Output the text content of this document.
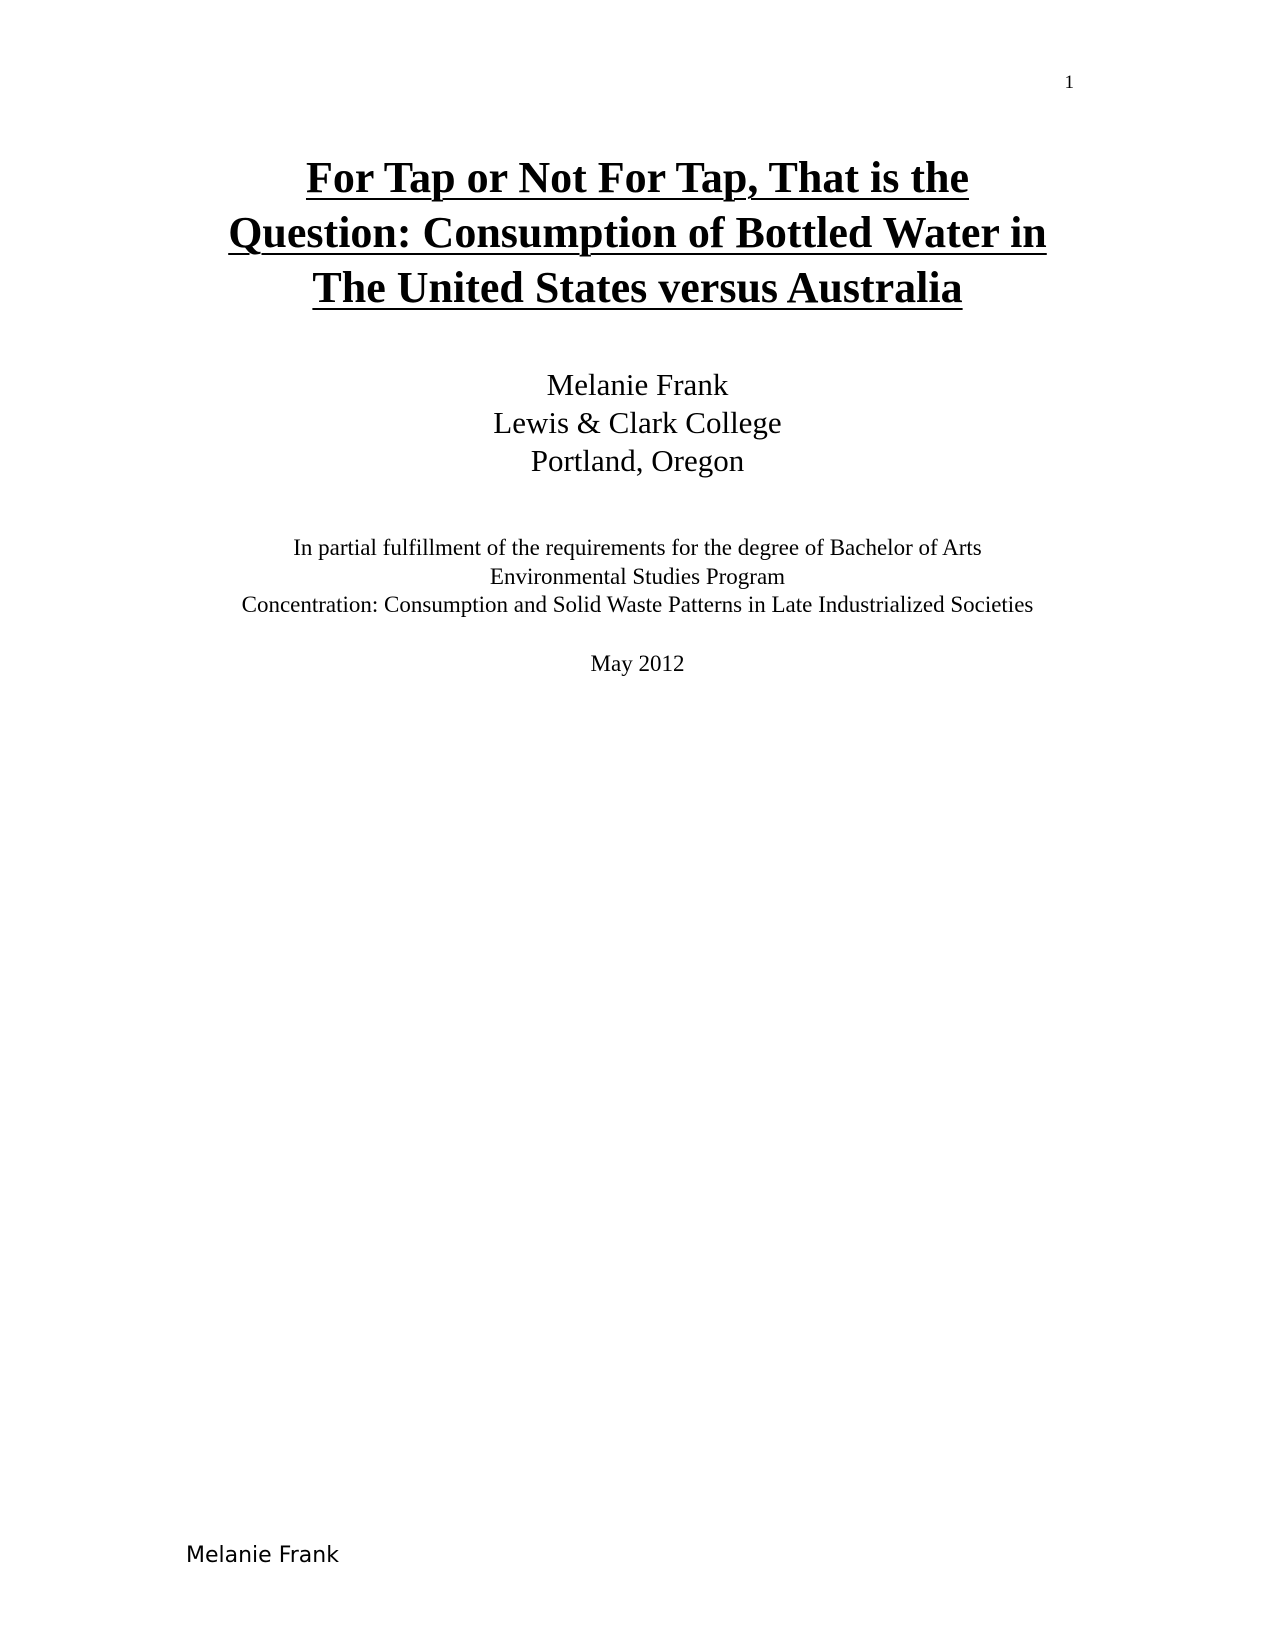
1
For Tap or Not For Tap, That is the
Question: Consumption of Bottled Water in
The United States versus Australia
Melanie Frank
Lewis & Clark College
Portland, Oregon
In partial fulfillment of the requirements for the degree of Bachelor of Arts
Environmental Studies Program
Concentration: Consumption and Solid Waste Patterns in Late Industrialized Societies
May 2012
Melanie Frank
